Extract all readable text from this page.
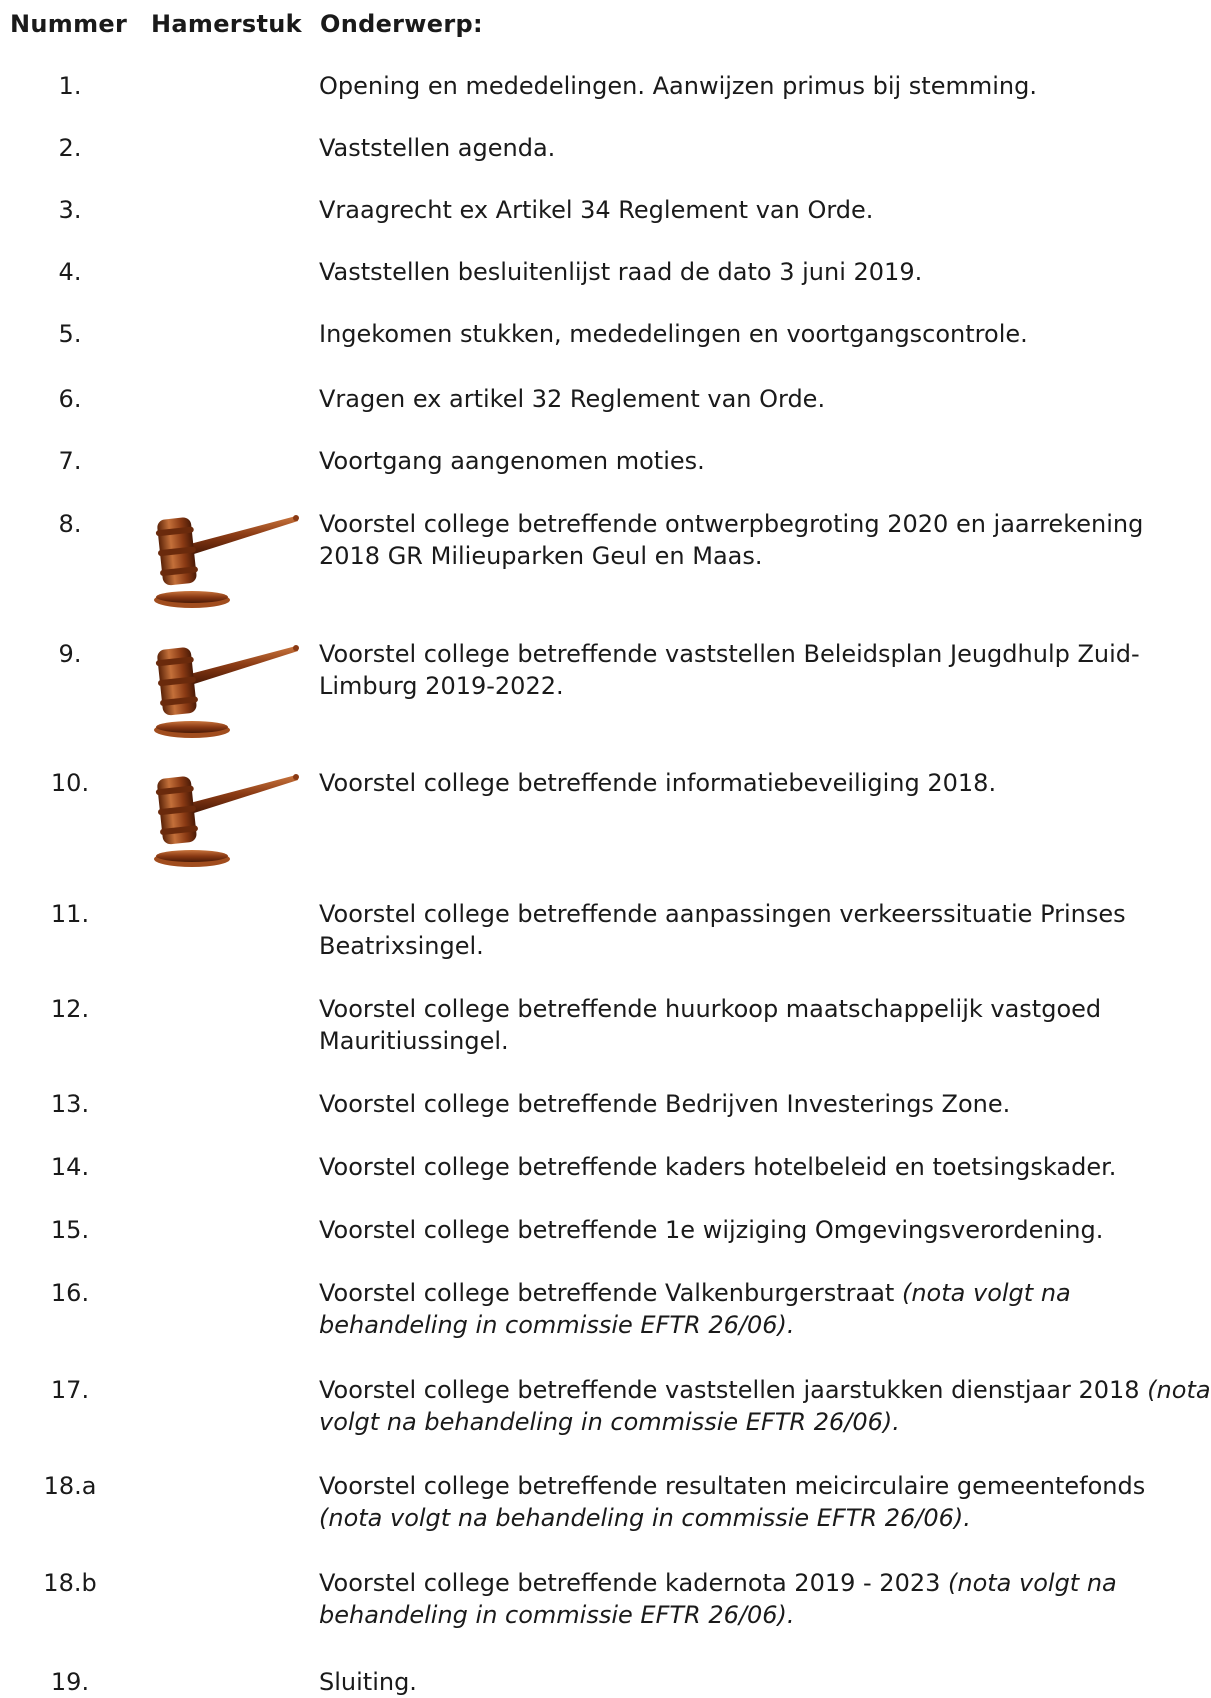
Nummer Hamerstuk Onderwerp:
1.	Opening en mededelingen. Aanwijzen primus bij stemming.
2.	Vaststellen agenda.
3.	Vraagrecht ex Artikel 34 Reglement van Orde.
4.	Vaststellen besluitenlijst raad de dato 3 juni 2019.
5.	Ingekomen stukken, mededelingen en voortgangscontrole.
6.	Vragen ex artikel 32 Reglement van Orde.
7.	Voortgang aangenomen moties.
8.	Voorstel college betreffende ontwerpbegroting 2020 en jaarrekening 2018 GR Milieuparken Geul en Maas.
9.	Voorstel college betreffende vaststellen Beleidsplan Jeugdhulp Zuid-Limburg 2019-2022.
10.	Voorstel college betreffende informatiebeveiliging 2018.
11.	Voorstel college betreffende aanpassingen verkeerssituatie Prinses Beatrixsingel.
12.	Voorstel college betreffende huurkoop maatschappelijk vastgoed Mauritiussingel.
13.	Voorstel college betreffende Bedrijven Investerings Zone.
14.	Voorstel college betreffende kaders hotelbeleid en toetsingskader.
15.	Voorstel college betreffende 1e wijziging Omgevingsverordening.
16.	Voorstel college betreffende Valkenburgerstraat (nota volgt na behandeling in commissie EFTR 26/06).
17.	Voorstel college betreffende vaststellen jaarstukken dienstjaar 2018 (nota volgt na behandeling in commissie EFTR 26/06).
18.a	Voorstel college betreffende resultaten meicirculaire gemeentefonds (nota volgt na behandeling in commissie EFTR 26/06).
18.b	Voorstel college betreffende kadernota 2019 - 2023 (nota volgt na behandeling in commissie EFTR 26/06).
19.	Sluiting.
